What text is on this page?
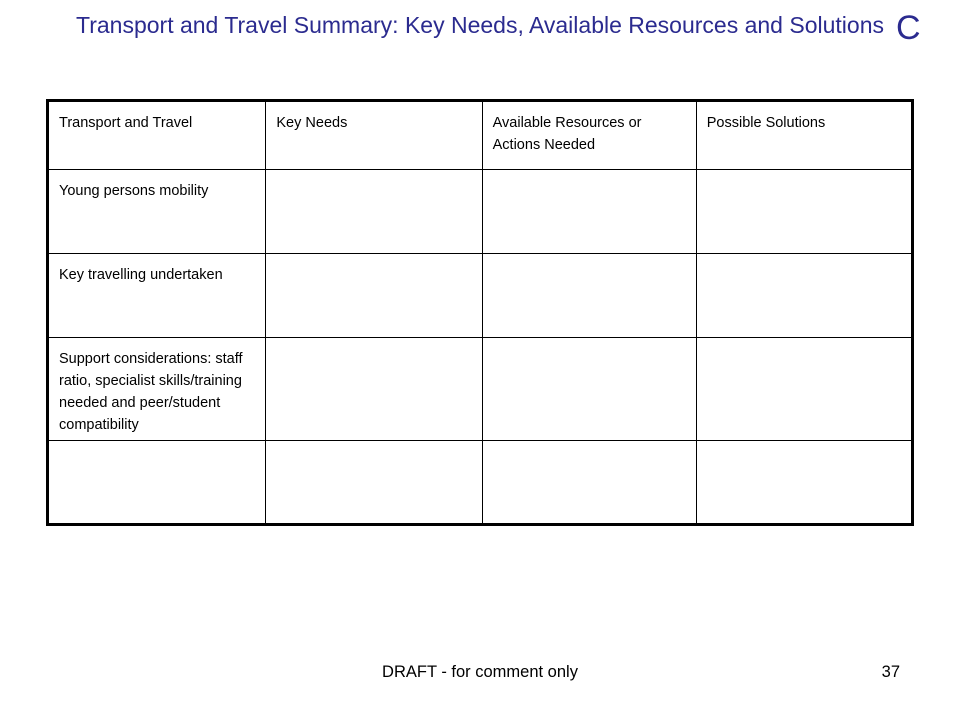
Transport and Travel Summary: Key Needs, Available Resources and Solutions C
Transport and Travel	Key Needs	Available Resources or Actions Needed	Possible Solutions
Young persons mobility			
Key travelling undertaken			
Support considerations: staff ratio, specialist skills/training needed and peer/student compatibility			

DRAFT - for comment only	37
